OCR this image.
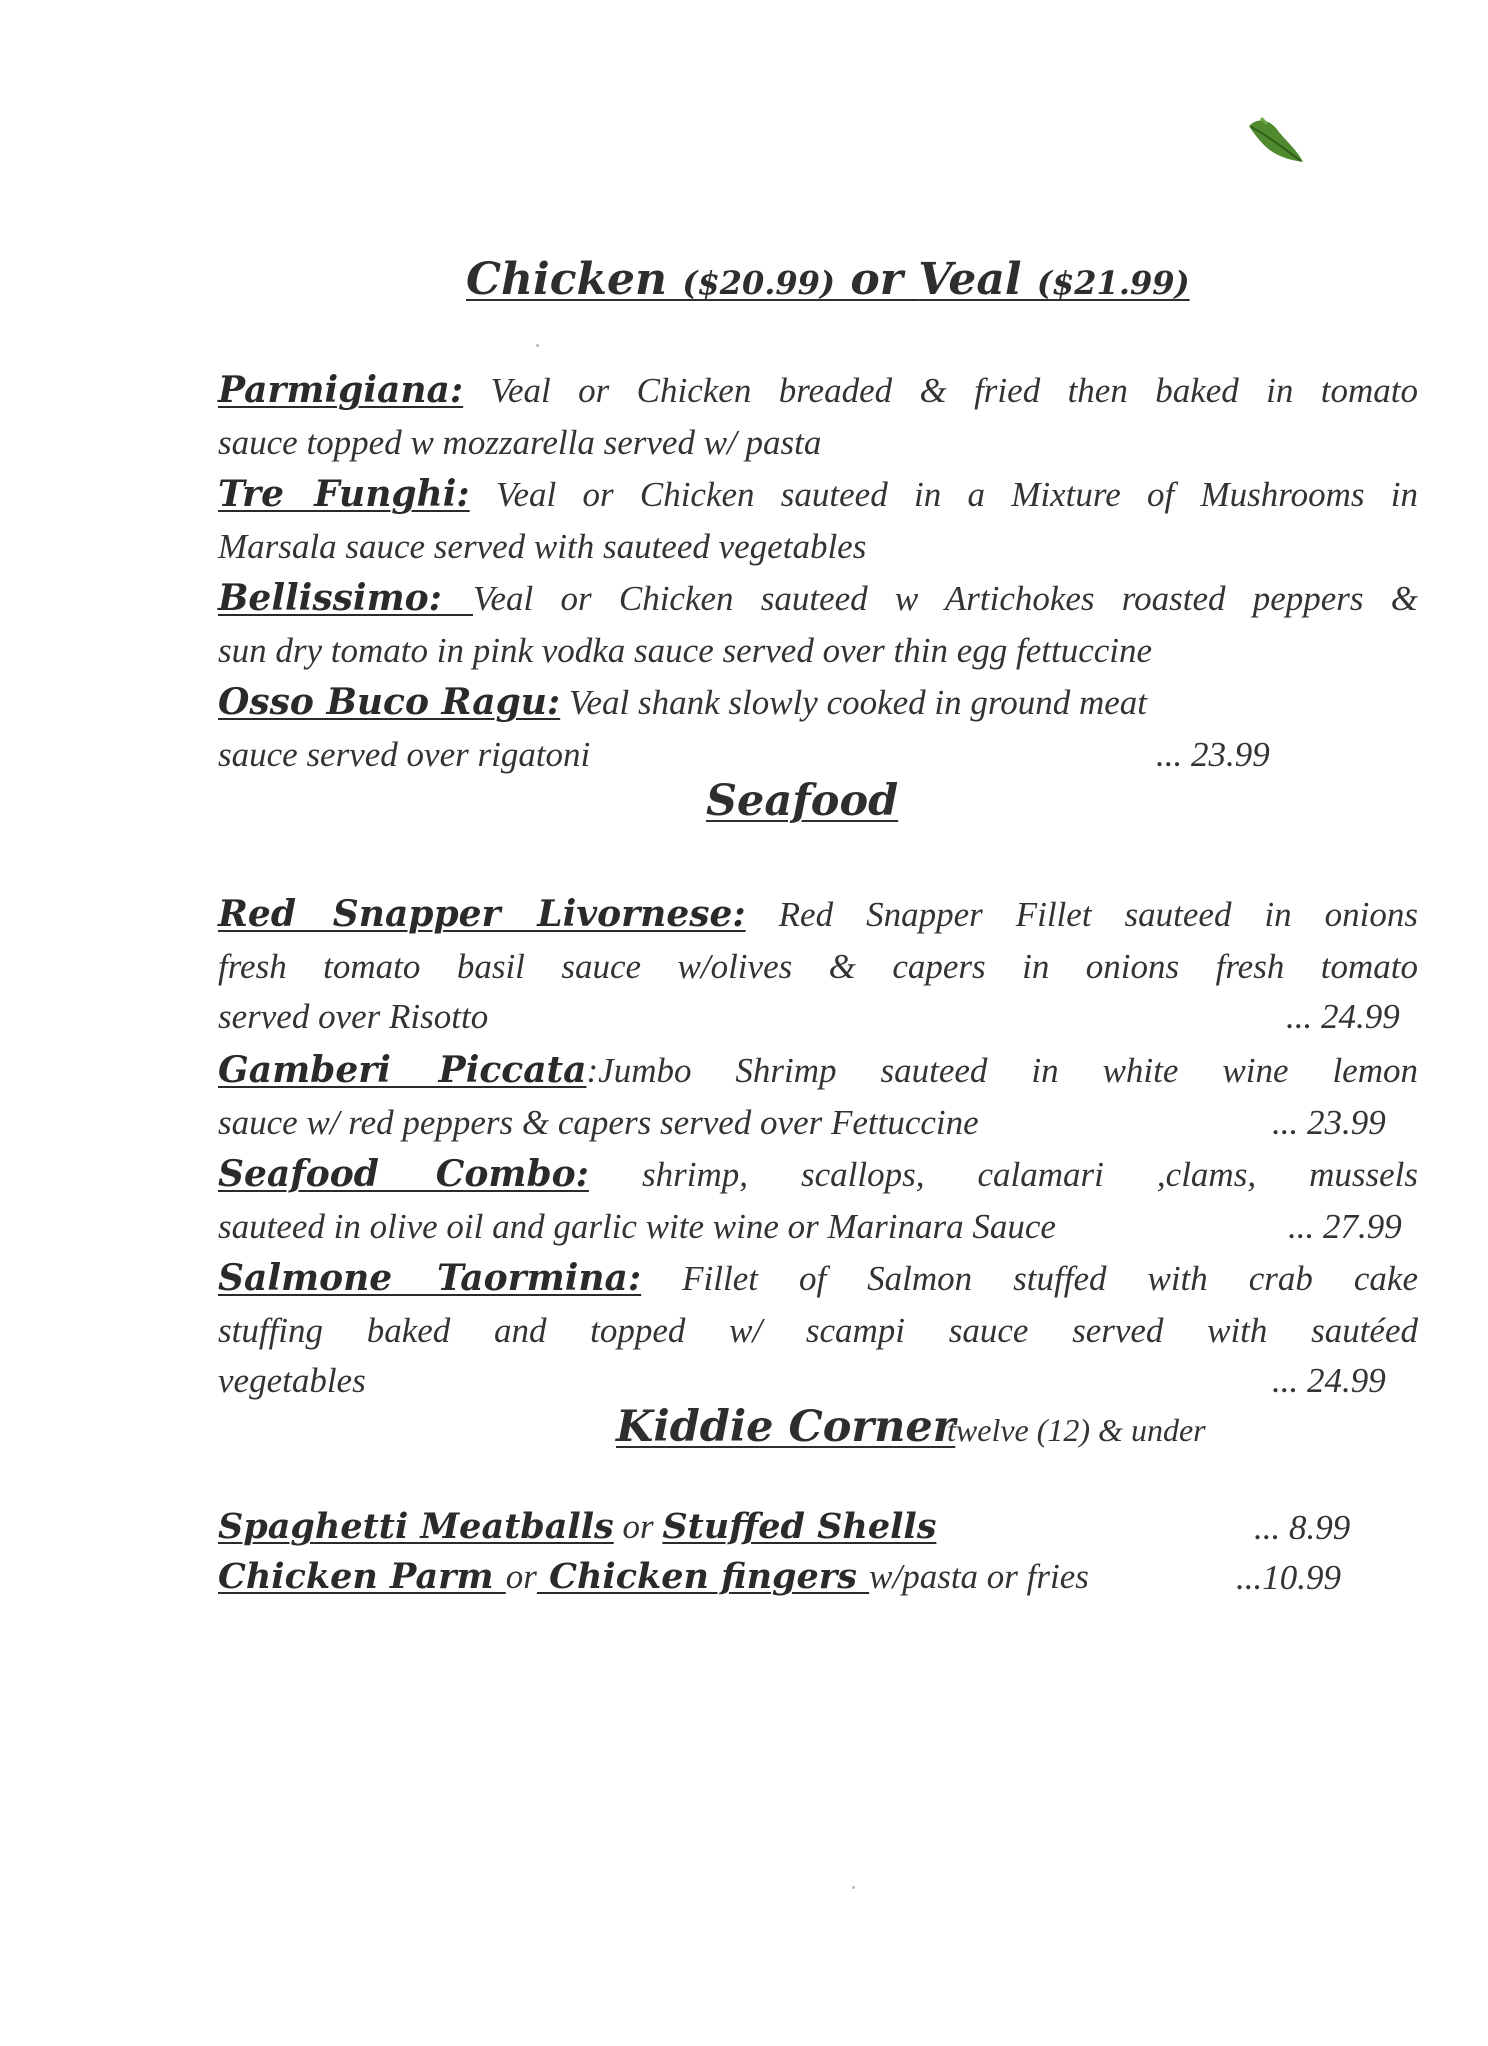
Chicken ($20.99) or Veal ($21.99)
Parmigiana: Veal or Chicken breaded & fried then baked in tomato
sauce topped w mozzarella served w/ pasta
Tre Funghi: Veal or Chicken sauteed in a Mixture of Mushrooms in
Marsala sauce served with sauteed vegetables
Bellissimo: Veal or Chicken sauteed w Artichokes roasted peppers &
sun dry tomato in pink vodka sauce served over thin egg fettuccine
Osso Buco Ragu: Veal shank slowly cooked in ground meat
sauce served over rigatoni	... 23.99
Seafood
Red Snapper Livornese: Red Snapper Fillet sauteed in onions
fresh tomato basil sauce w/olives & capers in onions fresh tomato
served over Risotto	... 24.99
Gamberi Piccata:Jumbo Shrimp sauteed in white wine lemon
sauce w/ red peppers & capers served over Fettuccine	... 23.99
Seafood Combo: shrimp, scallops, calamari ,clams, mussels
sauteed in olive oil and garlic wite wine or Marinara Sauce	... 27.99
Salmone Taormina: Fillet of Salmon stuffed with crab cake
stuffing baked and topped w/ scampi sauce served with sautéed
vegetables	... 24.99
Kiddie Corner
twelve (12) & under
Spaghetti Meatballs or Stuffed Shells	... 8.99
Chicken Parm or Chicken fingers w/pasta or fries	...10.99
